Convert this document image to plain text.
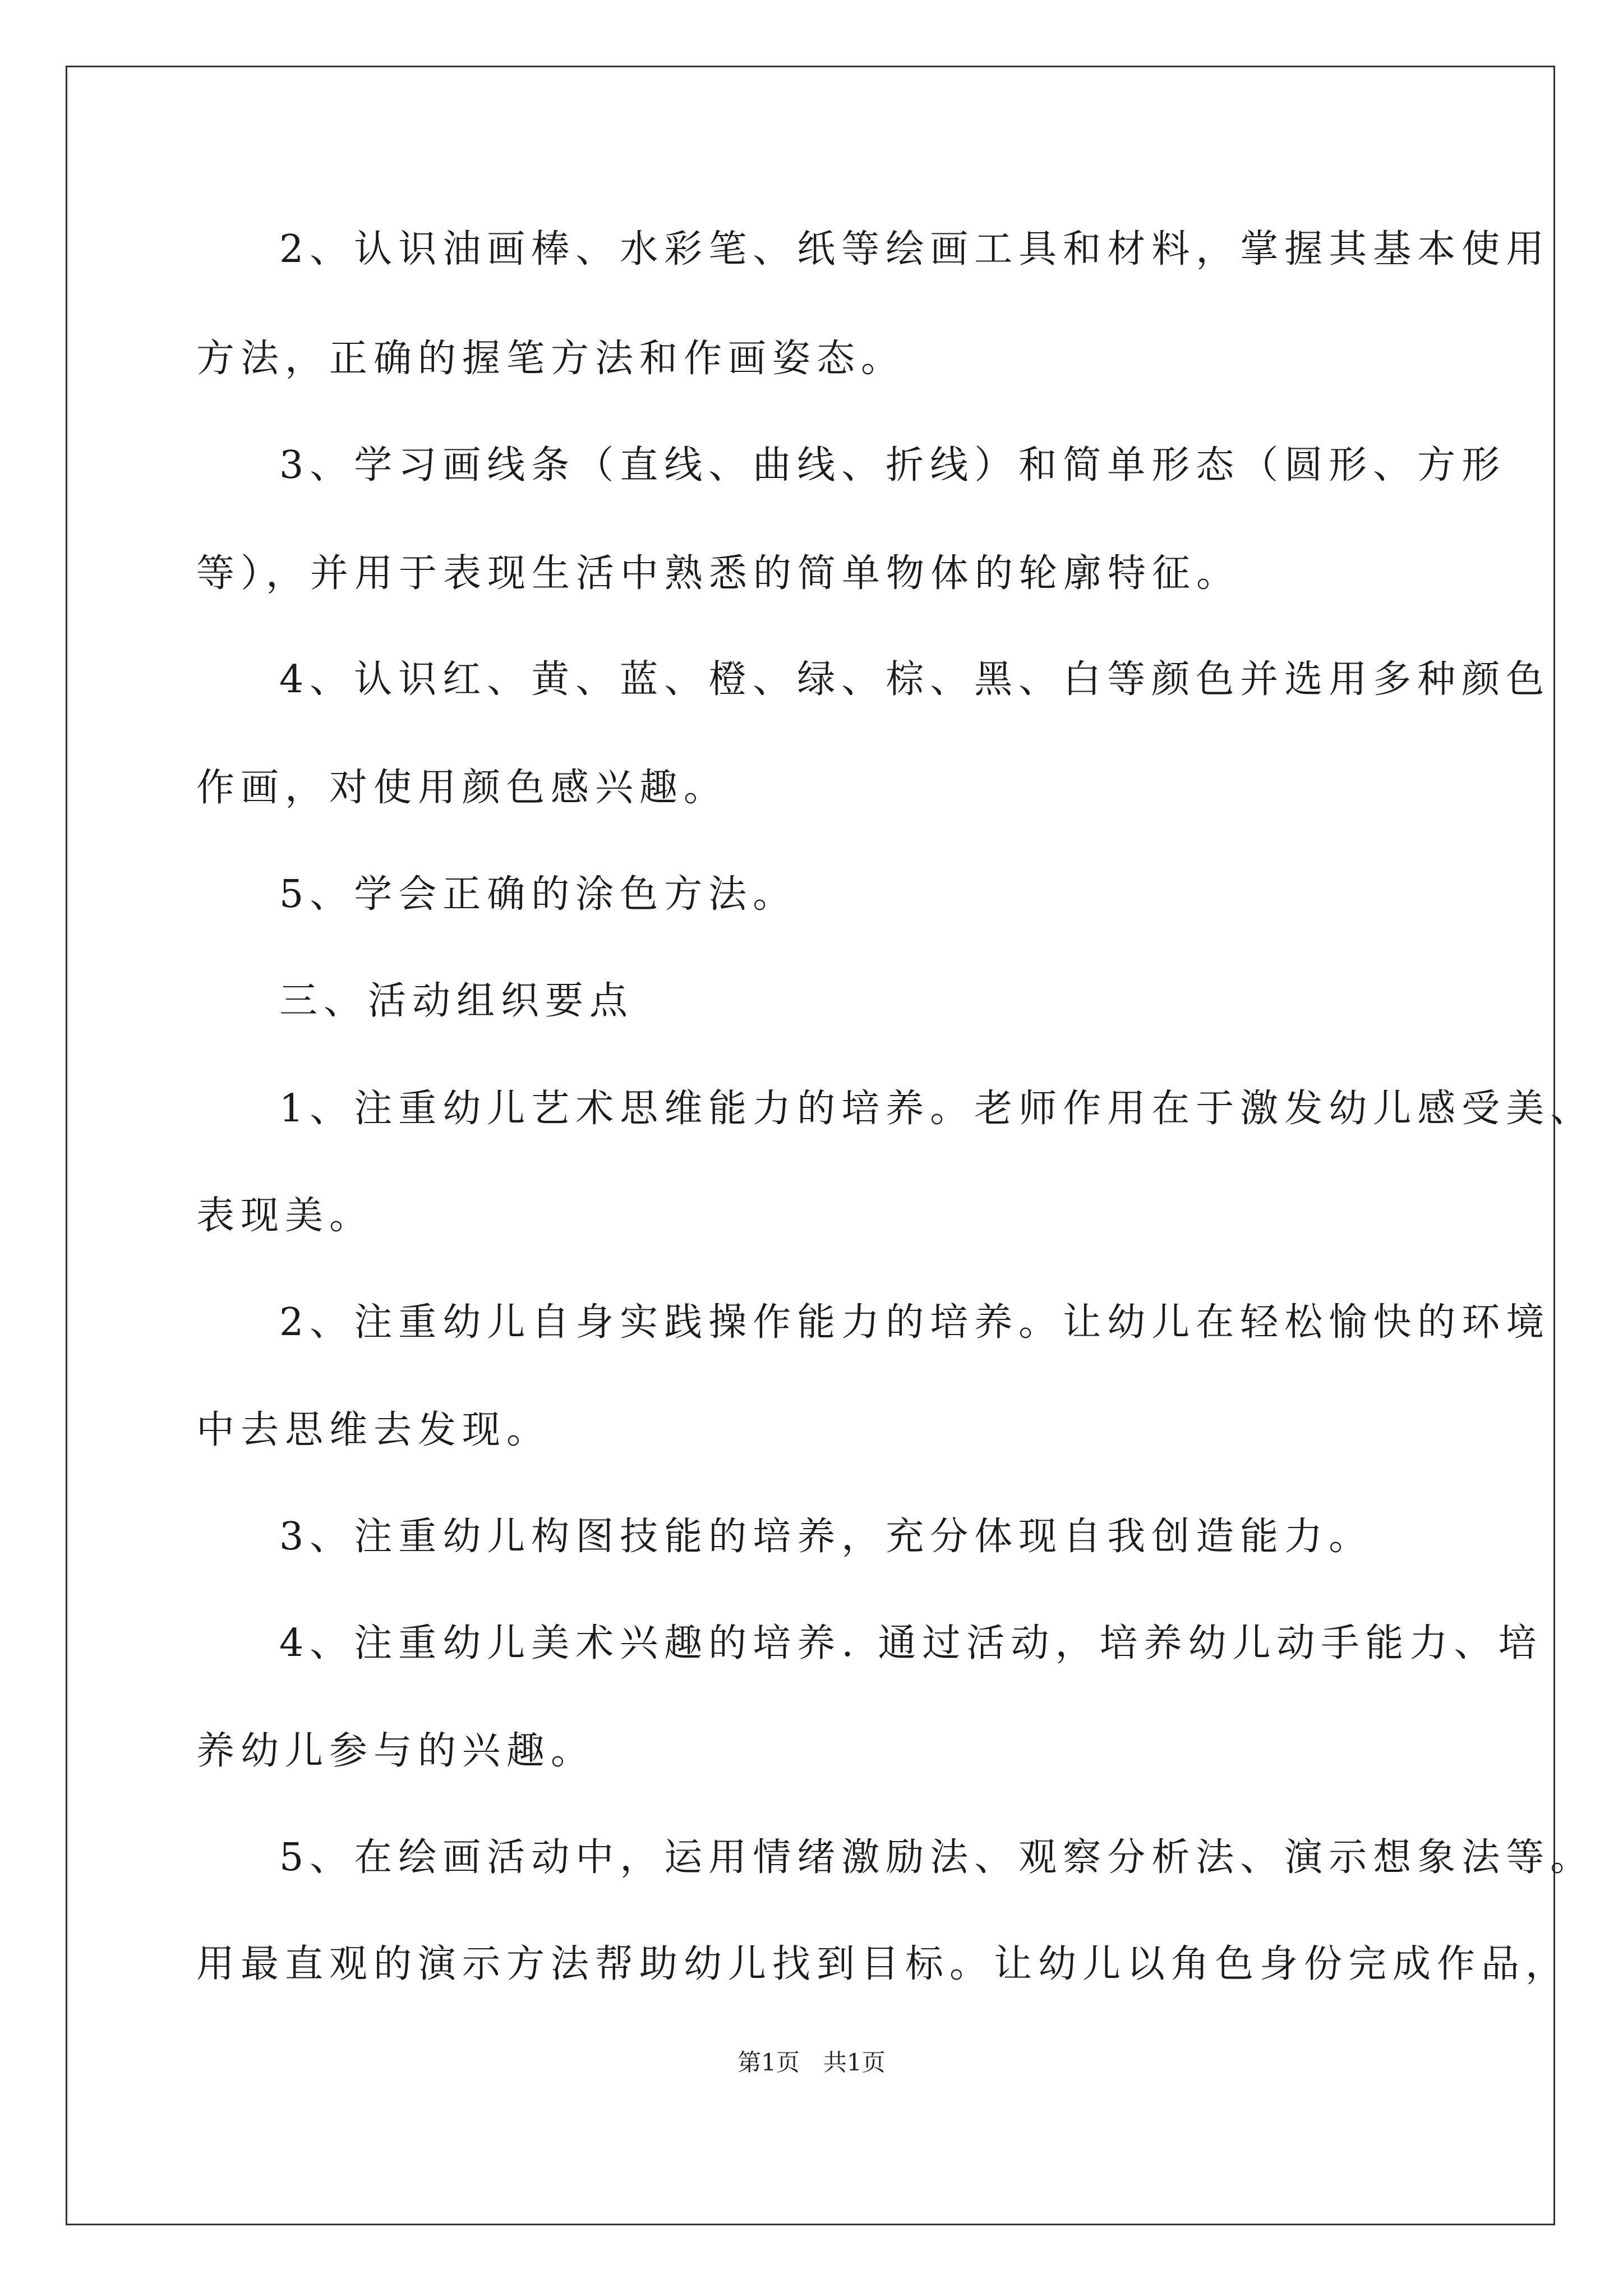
2、认识油画棒、水彩笔、纸等绘画工具和材料，掌握其基本使用
方法，正确的握笔方法和作画姿态。
3、学习画线条（直线、曲线、折线）和简单形态（圆形、方形
等），并用于表现生活中熟悉的简单物体的轮廓特征。
4、认识红、黄、蓝、橙、绿、棕、黑、白等颜色并选用多种颜色
作画，对使用颜色感兴趣。
5、学会正确的涂色方法。
三、活动组织要点
1、注重幼儿艺术思维能力的培养。老师作用在于激发幼儿感受美、
表现美。
2、注重幼儿自身实践操作能力的培养。让幼儿在轻松愉快的环境
中去思维去发现。
3、注重幼儿构图技能的培养，充分体现自我创造能力。
4、注重幼儿美术兴趣的培养. 通过活动，培养幼儿动手能力、培
养幼儿参与的兴趣。
5、在绘画活动中，运用情绪激励法、观察分析法、演示想象法等。
用最直观的演示方法帮助幼儿找到目标。让幼儿以角色身份完成作品，
第1页　共1页
